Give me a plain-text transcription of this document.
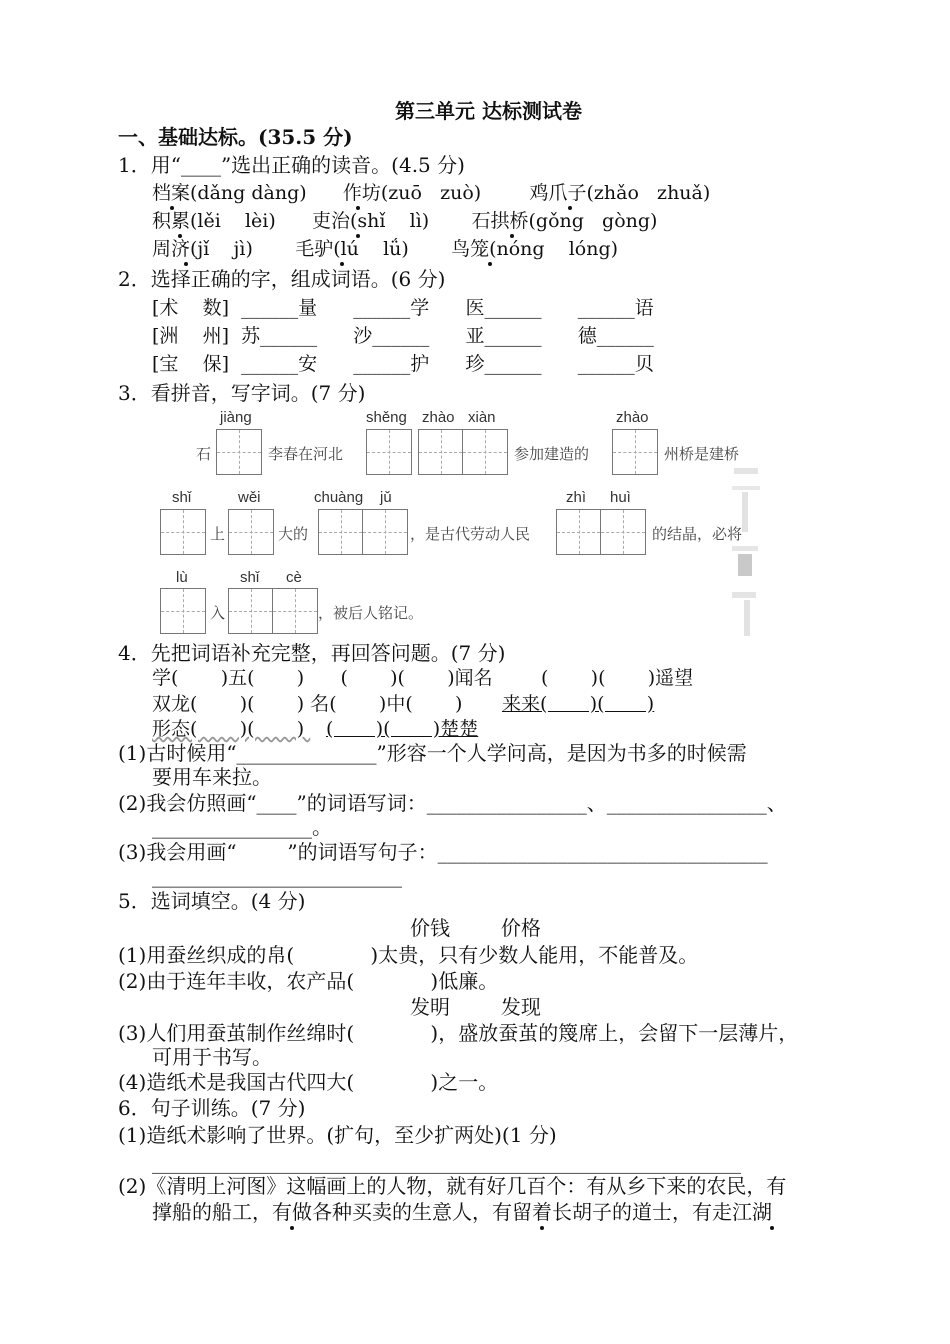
第三单元 达标测试卷
一、基础达标。(35.5 分)
1．用“____”选出正确的读音。(4.5 分)
档案(dǎng dàng)      作坊(zuō   zuò)        鸡爪子(zhǎo   zhuǎ)
积累(lěi    lèi)      吏治(shǐ    lì)       石拱桥(gǒng   gòng)
周济(jǐ    jì)       毛驴(lú    lǘ)       鸟笼(nóng    lóng)
2．选择正确的字，组成词语。(6 分)
[术    数]  ______量      ______学      医______      ______语
[洲    州]  苏______      沙______      亚______      德______
[宝    保]  ______安      ______护      珍______      ______贝
3．看拼音，写字词。(7 分)
jiàng
石	李春在河北
shěng zhào xiàn
参加建造的
zhào
州桥是建桥
shǐ
上
wěi
大的
chuàng jǔ
，是古代劳动人民
zhì huì
的结晶，必将
lù
入
shǐ cè
，被后人铭记。
4．先把词语补充完整，再回答问题。(7 分)
学(       )五(       )      (       )(       )闻名        (       )(       )遥望
双龙(       )(       ) 名(       )中(       ) 来来(       )(       )
形态(       )(       ) (       )(       )楚楚
(1)古时候用“______________”形容一个人学问高，是因为书多的时候需
要用车来拉。
(2)我会仿照画“____”的词语写词：________________、________________、
________________。
(3)我会用画“        ”的词语写句子：_________________________________
_________________________
5．选词填空。(4 分)
价钱        价格
(1)用蚕丝织成的帛(            )太贵，只有少数人能用，不能普及。
(2)由于连年丰收，农产品(            )低廉。
发明        发现
(3)人们用蚕茧制作丝绵时(            )，盛放蚕茧的篾席上，会留下一层薄片，
可用于书写。
(4)造纸术是我国古代四大(            )之一。
6．句子训练。(7 分)
(1)造纸术影响了世界。(扩句，至少扩两处)(1 分)
______________________________________________________________
(2)《清明上河图》这幅画上的人物，就有好几百个：有从乡下来的农民，有
撑船的船工，有做各种买卖的生意人，有留着长胡子的道士，有走江湖
